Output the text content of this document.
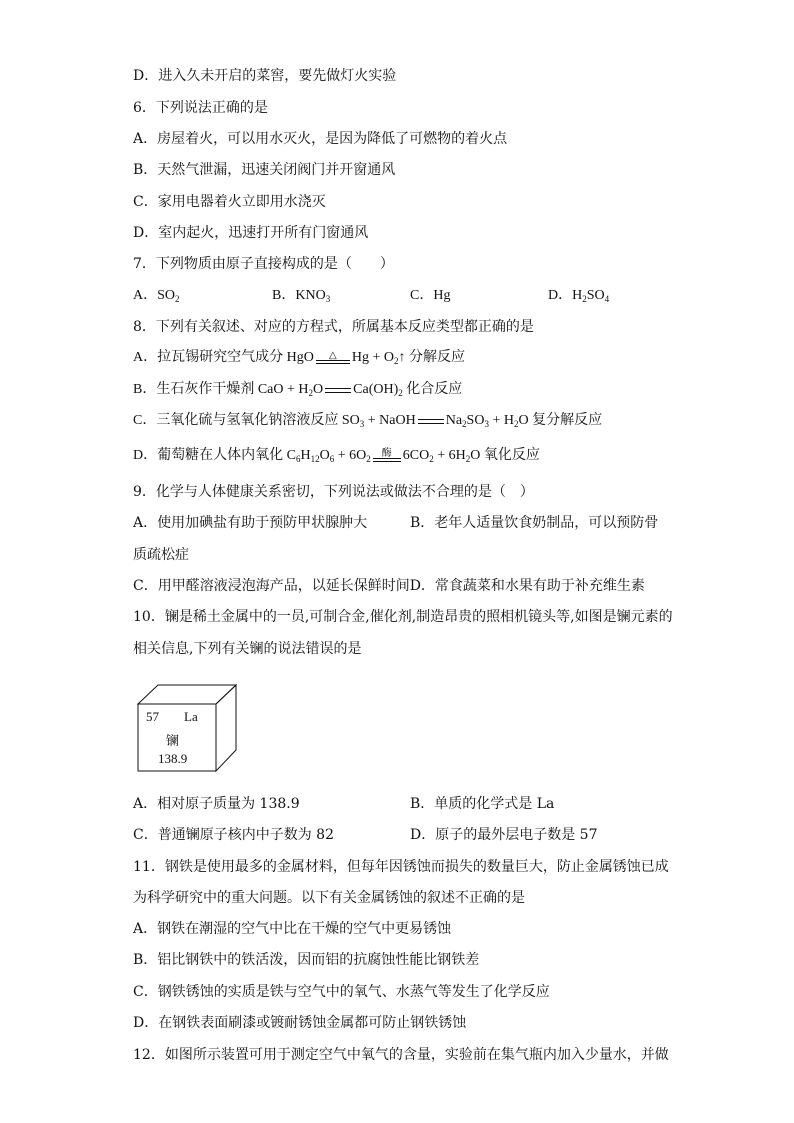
D．进入久未开启的菜窖，要先做灯火实验
6．下列说法正确的是
A．房屋着火，可以用水灭火，是因为降低了可燃物的着火点
B．天然气泄漏，迅速关闭阀门并开窗通风
C．家用电器着火立即用水浇灭
D．室内起火，迅速打开所有门窗通风
7．下列物质由原子直接构成的是（　　）
A．$SO_2$	B．$KNO_3$	C．Hg	D．$H_2SO_4$
8．下列有关叙述、对应的方程式，所属基本反应类型都正确的是
A．拉瓦锡研究空气成分 HgO	△	$Hg + O_2↑$ 分解反应
B．生石灰作干燥剂 CaO + $H_2O$ $Ca(OH)_2$ 化合反应
C．三氧化硫与氢氧化钠溶液反应 $SO_3$ + NaOH $Na_2SO_3 + H_2O$ 复分解反应
D．葡萄糖在人体内氧化 $C_6H_{12}O_6 + 6O_2$
酶 $6CO_2 + 6H_2O$ 氧化反应
9．化学与人体健康关系密切，下列说法或做法不合理的是（　）
A．使用加碘盐有助于预防甲状腺肿大	B．老年人适量饮食奶制品，可以预防骨
质疏松症
C．用甲醛溶液浸泡海产品，以延长保鲜时间D．常食蔬菜和水果有助于补充维生素
10．镧是稀土金属中的一员,可制合金,催化剂,制造昂贵的照相机镜头等,如图是镧元素的
相关信息,下列有关镧的说法错误的是
57 La
镧
138.9
A．相对原子质量为 138.9	B．单质的化学式是 La
C．普通镧原子核内中子数为 82	D．原子的最外层电子数是 57
11．钢铁是使用最多的金属材料，但每年因锈蚀而损失的数量巨大，防止金属锈蚀已成
为科学研究中的重大问题。以下有关金属锈蚀的叙述不正确的是
A．钢铁在潮湿的空气中比在干燥的空气中更易锈蚀
B．铝比钢铁中的铁活泼，因而铝的抗腐蚀性能比钢铁差
C．钢铁锈蚀的实质是铁与空气中的氧气、水蒸气等发生了化学反应
D．在钢铁表面刷漆或镀耐锈蚀金属都可防止钢铁锈蚀
12．如图所示装置可用于测定空气中氧气的含量，实验前在集气瓶内加入少量水，并做
